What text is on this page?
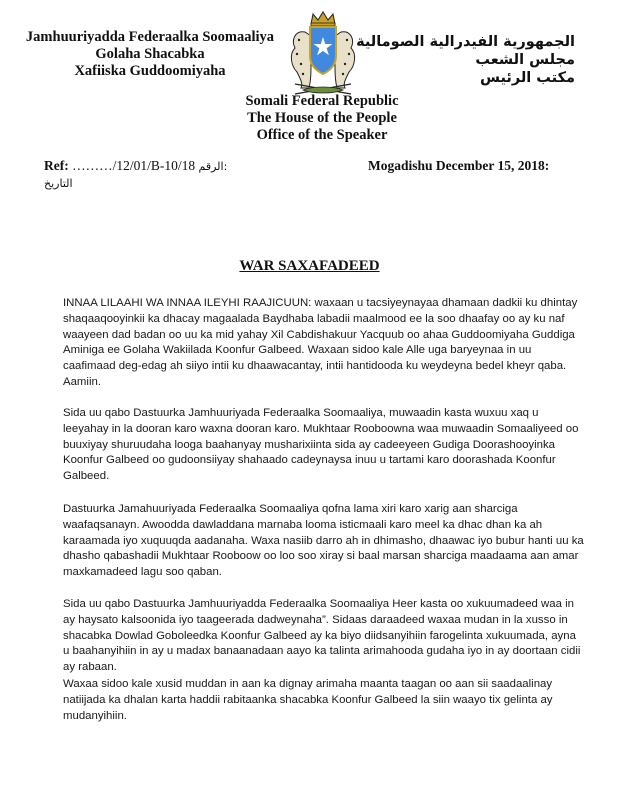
Jamhuuriyadda Federaalka Soomaaliya
Golaha Shacabka
Xafiiska Guddoomiyaha
الجمهورية الفيدرالية الصومالية
مجلس الشعب
مكتب الرئيس
Somali Federal Republic
The House of the People
Office of the Speaker
Ref: ………/12/01/B-10/18 الرقم:
التاريخ
Mogadishu December 15, 2018:
WAR SAXAFADEED

INNAA LILAAHI WA INNAA ILEYHI RAAJICUUN: waxaan u tacsiyeynayaa dhamaan dadkii ku dhintay shaqaaqooyinkii ka dhacay magaalada Baydhaba labadii maalmood ee la soo dhaafay oo ay ku naf waayeen dad badan oo uu ka mid yahay Xil Cabdishakuur Yacquub oo ahaa Guddoomiyaha Guddiga Aminiga ee Golaha Wakiilada Koonfur Galbeed. Waxaan sidoo kale Alle uga baryeynaa in uu caafimaad deg-edag ah siiyo intii ku dhaawacantay, intii hantidooda ku weydeyna bedel kheyr qaba. Aamiin.

Sida uu qabo Dastuurka Jamhuuriyada Federaalka Soomaaliya, muwaadin kasta wuxuu xaq u leeyahay in la dooran karo waxna dooran karo. Mukhtaar Rooboowna waa muwaadin Somaaliyeed oo buuxiyay shuruudaha looga baahanyay musharixiinta sida ay cadeeyeen Gudiga Doorashooyinka Koonfur Galbeed oo gudoonsiiyay shahaado cadeynaysa inuu u tartami karo doorashada Koonfur Galbeed.

Dastuurka Jamahuuriyada Federaalka Soomaaliya qofna lama xiri karo xarig aan sharciga waafaqsanayn. Awoodda dawladdana marnaba looma isticmaali karo meel ka dhac dhan ka ah karaamada iyo xuquuqda aadanaha. Waxa nasiib darro ah in dhimasho, dhaawac iyo bubur hanti uu ka dhasho qabashadii Mukhtaar Rooboow oo loo soo xiray si baal marsan sharciga maadaama aan amar maxkamadeed lagu soo qaban.

Sida uu qabo Dastuurka Jamhuuriyadda Federaalka Soomaaliya Heer kasta oo xukuumadeed waa in ay haysato kalsoonida iyo taageerada dadweynaha”. Sidaas daraadeed waxaa mudan in la xusso in shacabka Dowlad Goboleedka Koonfur Galbeed ay ka biyo diidsanyihiin farogelinta xukuumada, ayna u baahanyihiin in ay u madax banaanadaan aayo ka talinta arimahooda gudaha iyo in ay doortaan cidii ay rabaan.

Waxaa sidoo kale xusid muddan in aan ka dignay arimaha maanta taagan oo aan sii saadaalinay natiijada ka dhalan karta haddii rabitaanka shacabka Koonfur Galbeed la siin waayo tix gelinta ay mudanyihiin.
